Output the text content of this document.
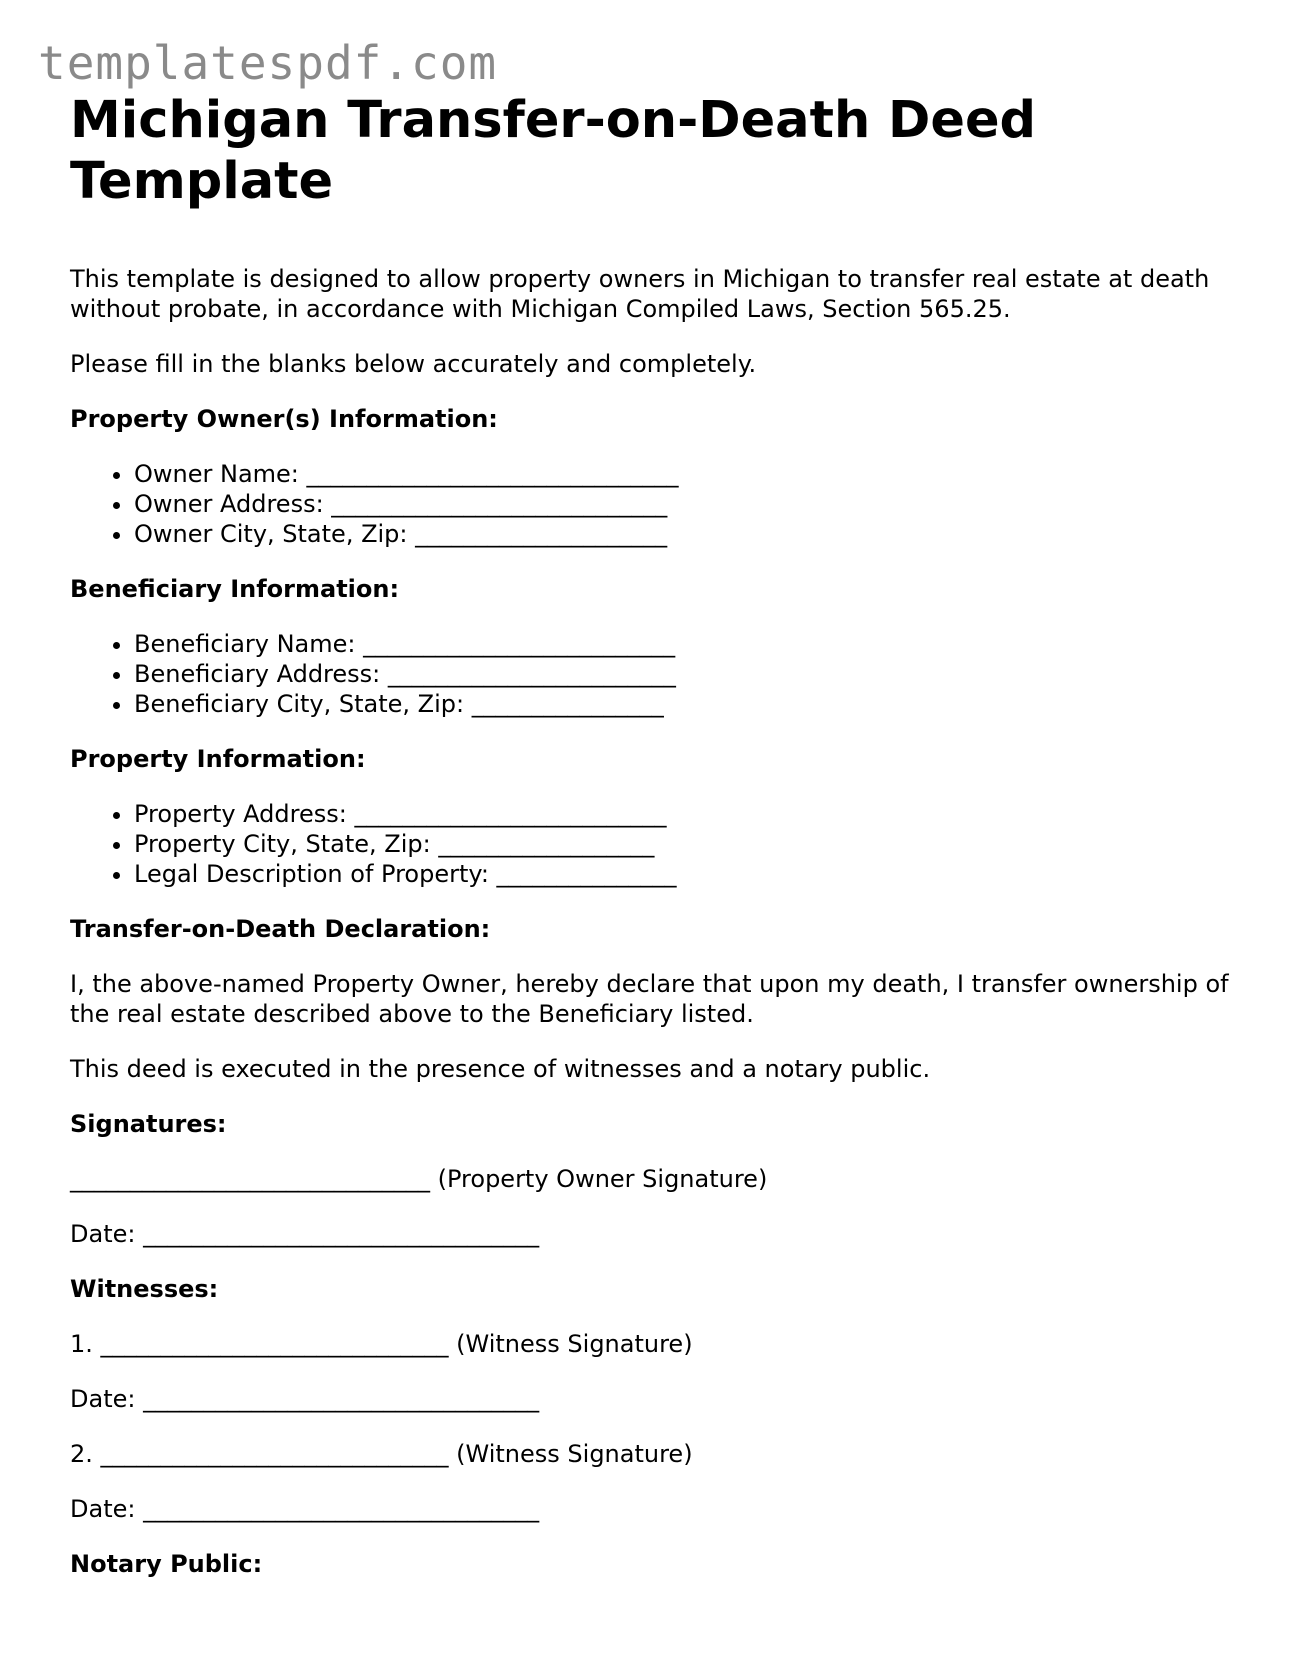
templatespdf.com
Michigan Transfer-on-Death Deed
Template

This template is designed to allow property owners in Michigan to transfer real estate at death without probate, in accordance with Michigan Compiled Laws, Section 565.25.

Please fill in the blanks below accurately and completely.

Property Owner(s) Information:

• Owner Name: _______________________________
• Owner Address: ____________________________
• Owner City, State, Zip: _____________________

Beneficiary Information:

• Beneficiary Name: __________________________
• Beneficiary Address: ________________________
• Beneficiary City, State, Zip: ________________

Property Information:

• Property Address: __________________________
• Property City, State, Zip: __________________
• Legal Description of Property: _______________

Transfer-on-Death Declaration:

I, the above-named Property Owner, hereby declare that upon my death, I transfer ownership of the real estate described above to the Beneficiary listed.

This deed is executed in the presence of witnesses and a notary public.

Signatures:

______________________________ (Property Owner Signature)

Date: _________________________________

Witnesses:

1. _____________________________ (Witness Signature)

Date: _________________________________

2. _____________________________ (Witness Signature)

Date: _________________________________

Notary Public:
